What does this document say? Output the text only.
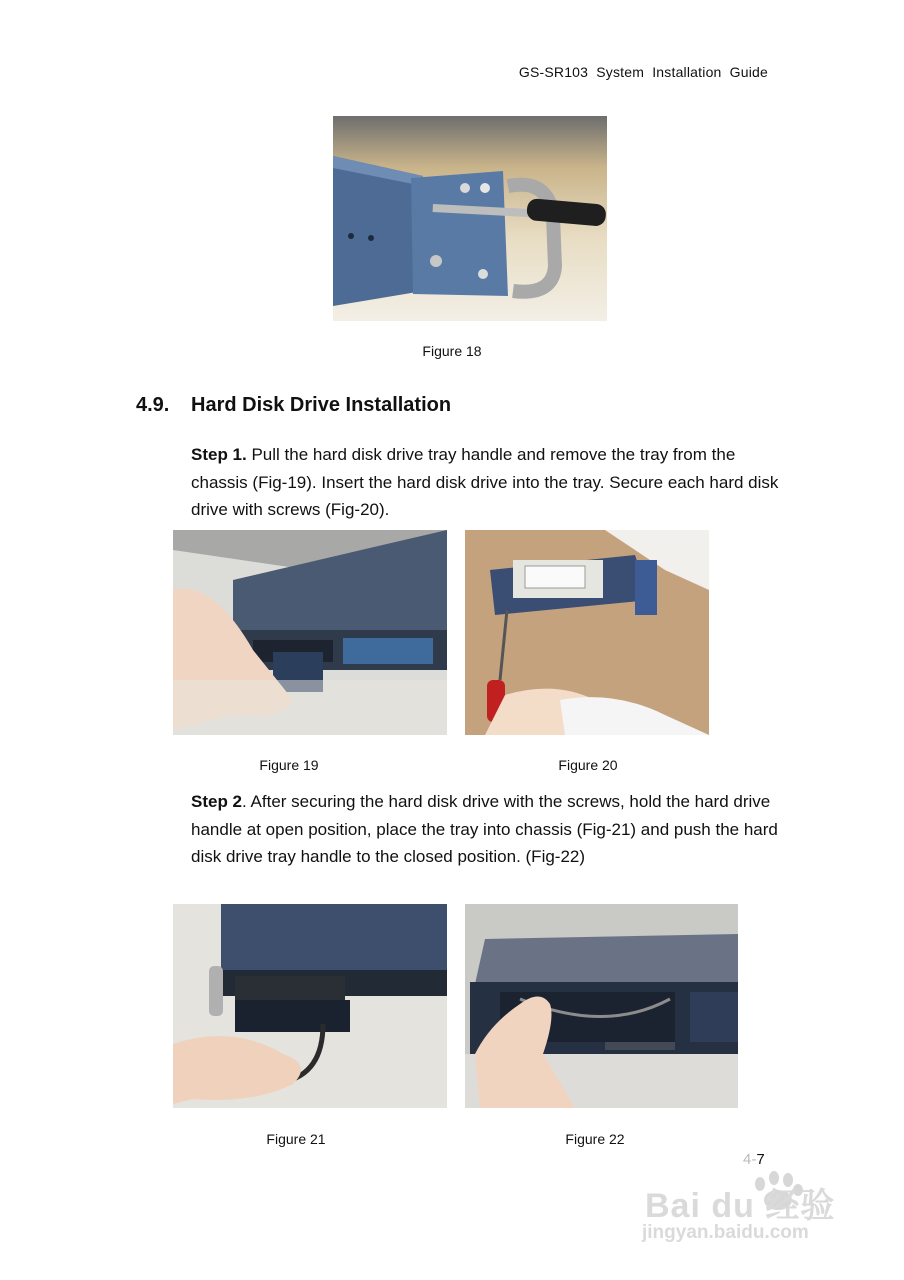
GS-SR103 System Installation Guide
Figure 18
4.9. Hard Disk Drive Installation
Step 1. Pull the hard disk drive tray handle and remove the tray from the chassis (Fig-19). Insert the hard disk drive into the tray. Secure each hard disk drive with screws (Fig-20).
Figure 19	Figure 20
Step 2. After securing the hard disk drive with the screws, hold the hard drive handle at open position, place the tray into chassis (Fig-21) and push the hard disk drive tray handle to the closed position. (Fig-22)
Figure 21	Figure 22
4-7
Bai du 经验
jingyan.baidu.com
